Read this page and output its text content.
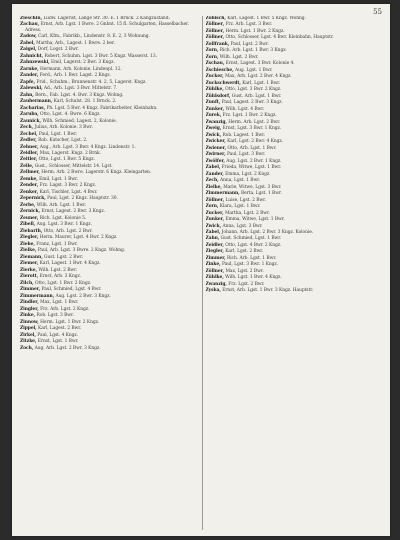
55

Zieschin, Ludw. Lagerist, Lange Str. 30. E. 1 Brnck. 2 Kangzustand.

Zachau, Ernst, Arb. Lgst. 1 Bwre. 2 Gnbnt. 15 fl. Schulgarten, Hasselbacher. Adress.

Zadow, Carl, Kfm., Fabrikb., Lindenstr. 8. E. 2, 3 Wohnung.

Zabel, Martha, Arb., Lagest. 1 Bwre. 2 ber.

Zaigel, Dorf, Logst. 2 Bwr.

Zahnicht, Robert, Schuhm. Lgst. 3 Bwr. 5 Kngz. Wasserst. 13.

Zahnzewski, Emil, Lagerst. 2 Bwr. 3 Kngz.

Zarnke, Hermann, Arb. Kolonie, Lindenpl. 12.

Zander, Ferd., Arb. 1 Bwr. Lagst. 2 Kngz.

Zapfe, Frid., Schuhm., Brunnenstr. 4. 2, 5, Lagerst. Kngz.

Zalewski, Ad., Arb. Lgst. 3 Bwr. Mittelstr. 7.

Zahn, Bern., Fab. Lgst. 4. Bwr. 3 Kngz. Wohng.

Zaubermann, Karl, Schulst. 28. 1 Brnck. 2.

Zacharias, Ph. Lgst. 5 Bwr. 4 Kngz. Fabrikarbeiter, Kleinbahn.

Zaruba, Otto, Lgst. 4. Bwre. 6 Kngz.

Zaunick, Wilh. Schmied, Lagest. 2, Kolonie.

Zech, Julius, Arb. Kolonie. 3 Bwr.

Zechel, Paul, Lgst. 1 Bwr.

Zedler, Rob. Kutscher, Lgst. 2.

Zehner, Aug., Arb. Lgst. 3 Bwr. 4 Kngz. Lindenstr. 1.

Zeidler, Max, Lagerst. Kngz. 2 Brnk.

Zeitler, Otto, Lgst. 1 Bwr. 5 Kngz.

Zelle, Gust., Schlosser, Mittelstr. 14. Lgst.

Zellmer, Herm. Arb. 2 Bwre. Lagerstr. 6 Kngz. Kleingarten.

Zemke, Emil, Lgst. 1 Bwr.

Zender, Frz. Lagst. 3 Bwr. 2 Kngz.

Zenker, Karl, Tischler, Lgst. 4 Bwr.

Zepernick, Paul, Lgst. 2 Kngz. Hauptstr. 30.

Zerbe, Wilh. Arb. Lgst. 1 Bwr.

Zernick, Ernst, Lagest. 2 Bwr. 3 Kngz.

Zeuner, Rich. Lgst. Kolonie 5.

Zibell, Aug. Lgst. 3 Bwr. 1 Kngz.

Ziebarth, Otto, Arb. Lgst. 2 Bwr.

Ziegler, Herm. Maurer, Lgst. 4 Bwr. 2 Kngz.

Ziehe, Franz, Lgst. 1 Bwr.

Zielke, Paul, Arb. Lgst. 3 Bwre. 2 Kngz. Wohng.

Ziemann, Gust. Lgst. 2 Bwr.

Ziemer, Karl, Lagest. 1 Bwr. 4 Kngz.

Zierke, Wilh. Lgst. 2 Bwr.

Zierott, Ernst, Arb. 3 Kngz.

Zilch, Otto, Lgst. 1 Bwr. 2 Kngz.

Zimmer, Paul, Schmied, Lgst. 4 Bwr.

Zimmermann, Aug. Lgst. 2 Bwr. 3 Kngz.

Zindler, Max, Lgst. 1 Bwr.

Zingler, Frz. Arb. Lgst. 2 Kngz.

Zinke, Rob. Lgst. 3 Bwr.

Zinnow, Herm. Lgst. 1 Bwr. 2 Kngz.

Zippel, Karl, Lagest. 2 Bwr.

Zirkel, Paul, Lgst. 4 Kngz.

Zitzke, Ernst, Lgst. 1 Bwr.

Zoch, Aug. Arb. Lgst. 2 Bwr. 3 Kngz.

Zöbisch, Karl, Lagest. 1 Bwr. 5 Kngz. Wohng.

Zöllner, Frz. Arb. Lgst. 3 Bwr.

Zöllner, Herm. Lgst. 1 Bwr. 2 Kngz.

Zöllner, Otto, Schlosser, Lgst. 4 Bwr. Kleinbahn, Hauptstr.

Zollfrank, Paul, Lgst. 2 Bwr.

Zorn, Rich. Arb. Lgst. 1 Bwr. 3 Kngz.

Zorn, Wilh. Lgst. 2 Bwr.

Zschau, Ernst, Lagest. 3 Bwr. Kolonie 4.

Zschiesche, Aug. Lgst. 1 Bwr.

Zucker, Max, Arb. Lgst. 2 Bwr. 4 Kngz.

Zuckschwerdt, Karl, Lgst. 1 Bwr.

Zühlke, Otto, Lgst. 3 Bwr. 2 Kngz.

Zühlsdorf, Gust. Arb. Lgst. 1 Bwr.

Zunft, Paul, Lagest. 2 Bwr. 3 Kngz.

Zunker, Wilh. Lgst. 4 Bwr.

Zurek, Frz. Lgst. 1 Bwr. 2 Kngz.

Zwanzig, Herm. Arb. Lgst. 2 Bwr.

Zweig, Ernst, Lgst. 3 Bwr. 1 Kngz.

Zwick, Rob. Lagest. 1 Bwr.

Zwicker, Karl, Lgst. 2 Bwr. 4 Kngz.

Zwiener, Otto, Arb. Lgst. 1 Bwr.

Zwirner, Paul, Lgst. 3 Bwr.

Zwölfer, Aug. Lgst. 2 Bwr. 1 Kngz.

Zabel, Frieda, Witwe, Lgst. 1 Bwr.

Zander, Emma, Lgst. 2 Kngz.

Zech, Anna, Lgst. 1 Bwr.

Zielke, Marie, Witwe, Lgst. 3 Bwr.

Zimmermann, Berta, Lgst. 1 Bwr.

Zöllner, Luise, Lgst. 2 Bwr.

Zorn, Klara, Lgst. 1 Bwr.

Zucker, Martha, Lgst. 2 Bwr.

Zunker, Emma, Witwe, Lgst. 1 Bwr.

Zwick, Anna, Lgst. 3 Bwr.

Zabel, Johann, Arb. Lgst. 2 Bwr. 3 Kngz. Kolonie.

Zahn, Gust. Schmied, Lgst. 1 Bwr.

Zeidler, Otto, Lgst. 4 Bwr. 2 Kngz.

Ziegler, Karl, Lgst. 2 Bwr.

Zimmer, Rich. Arb. Lgst. 1 Bwr.

Zinke, Paul, Lgst. 3 Bwr. 1 Kngz.

Zöllner, Max, Lgst. 2 Bwr.

Zühlke, Wilh. Lgst. 1 Bwr. 4 Kngz.

Zwanzig, Frz. Lgst. 2 Bwr.

Zyska, Ernst, Arb. Lgst. 1 Bwr. 3 Kngz. Hauptstr.
